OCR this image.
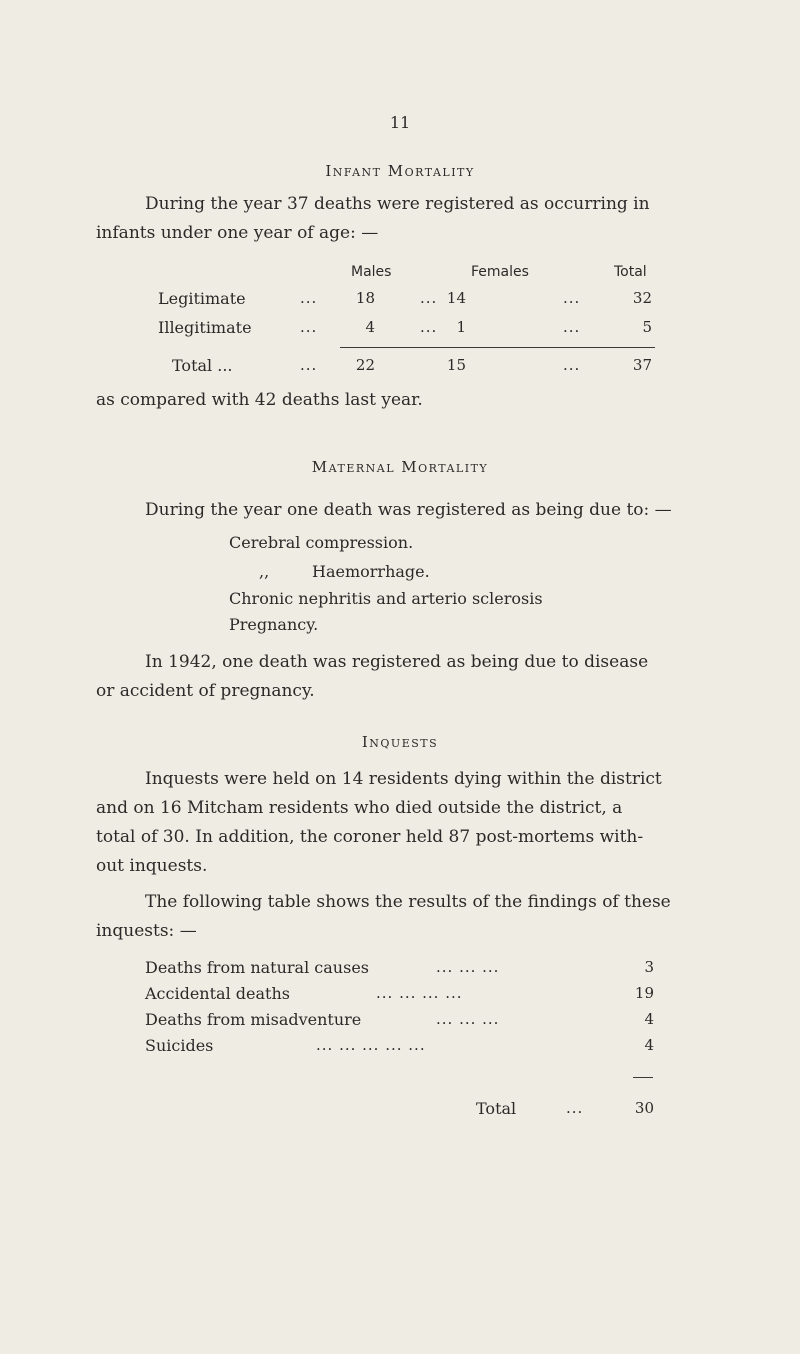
11
Infant Mortality
During the year 37 deaths were registered as occurring in
infants under one year of age: —
Males	Females	Total
Legitimate	...	18	... 14	...	32
Illegitimate	...	4	...	1	...	5
Total ...	...	22	15	...	37
as compared with 42 deaths last year.
Maternal Mortality
During the year one death was registered as being due to: —
Cerebral compression.
,,	Haemorrhage.
Chronic nephritis and arterio sclerosis
Pregnancy.
In 1942, one death was registered as being due to disease
or accident of pregnancy.
Inquests
Inquests were held on 14 residents dying within the district
and on 16 Mitcham residents who died outside the district, a
total of 30. In addition, the coroner held 87 post-mortems with-
out inquests.
The following table shows the results of the findings of these
inquests: —
Deaths from natural causes	... ... ...	3
Accidental deaths	... ... ... ...	19
Deaths from misadventure	... ... ...	4
Suicides	... ... ... ... ...	4
Total	...	30
